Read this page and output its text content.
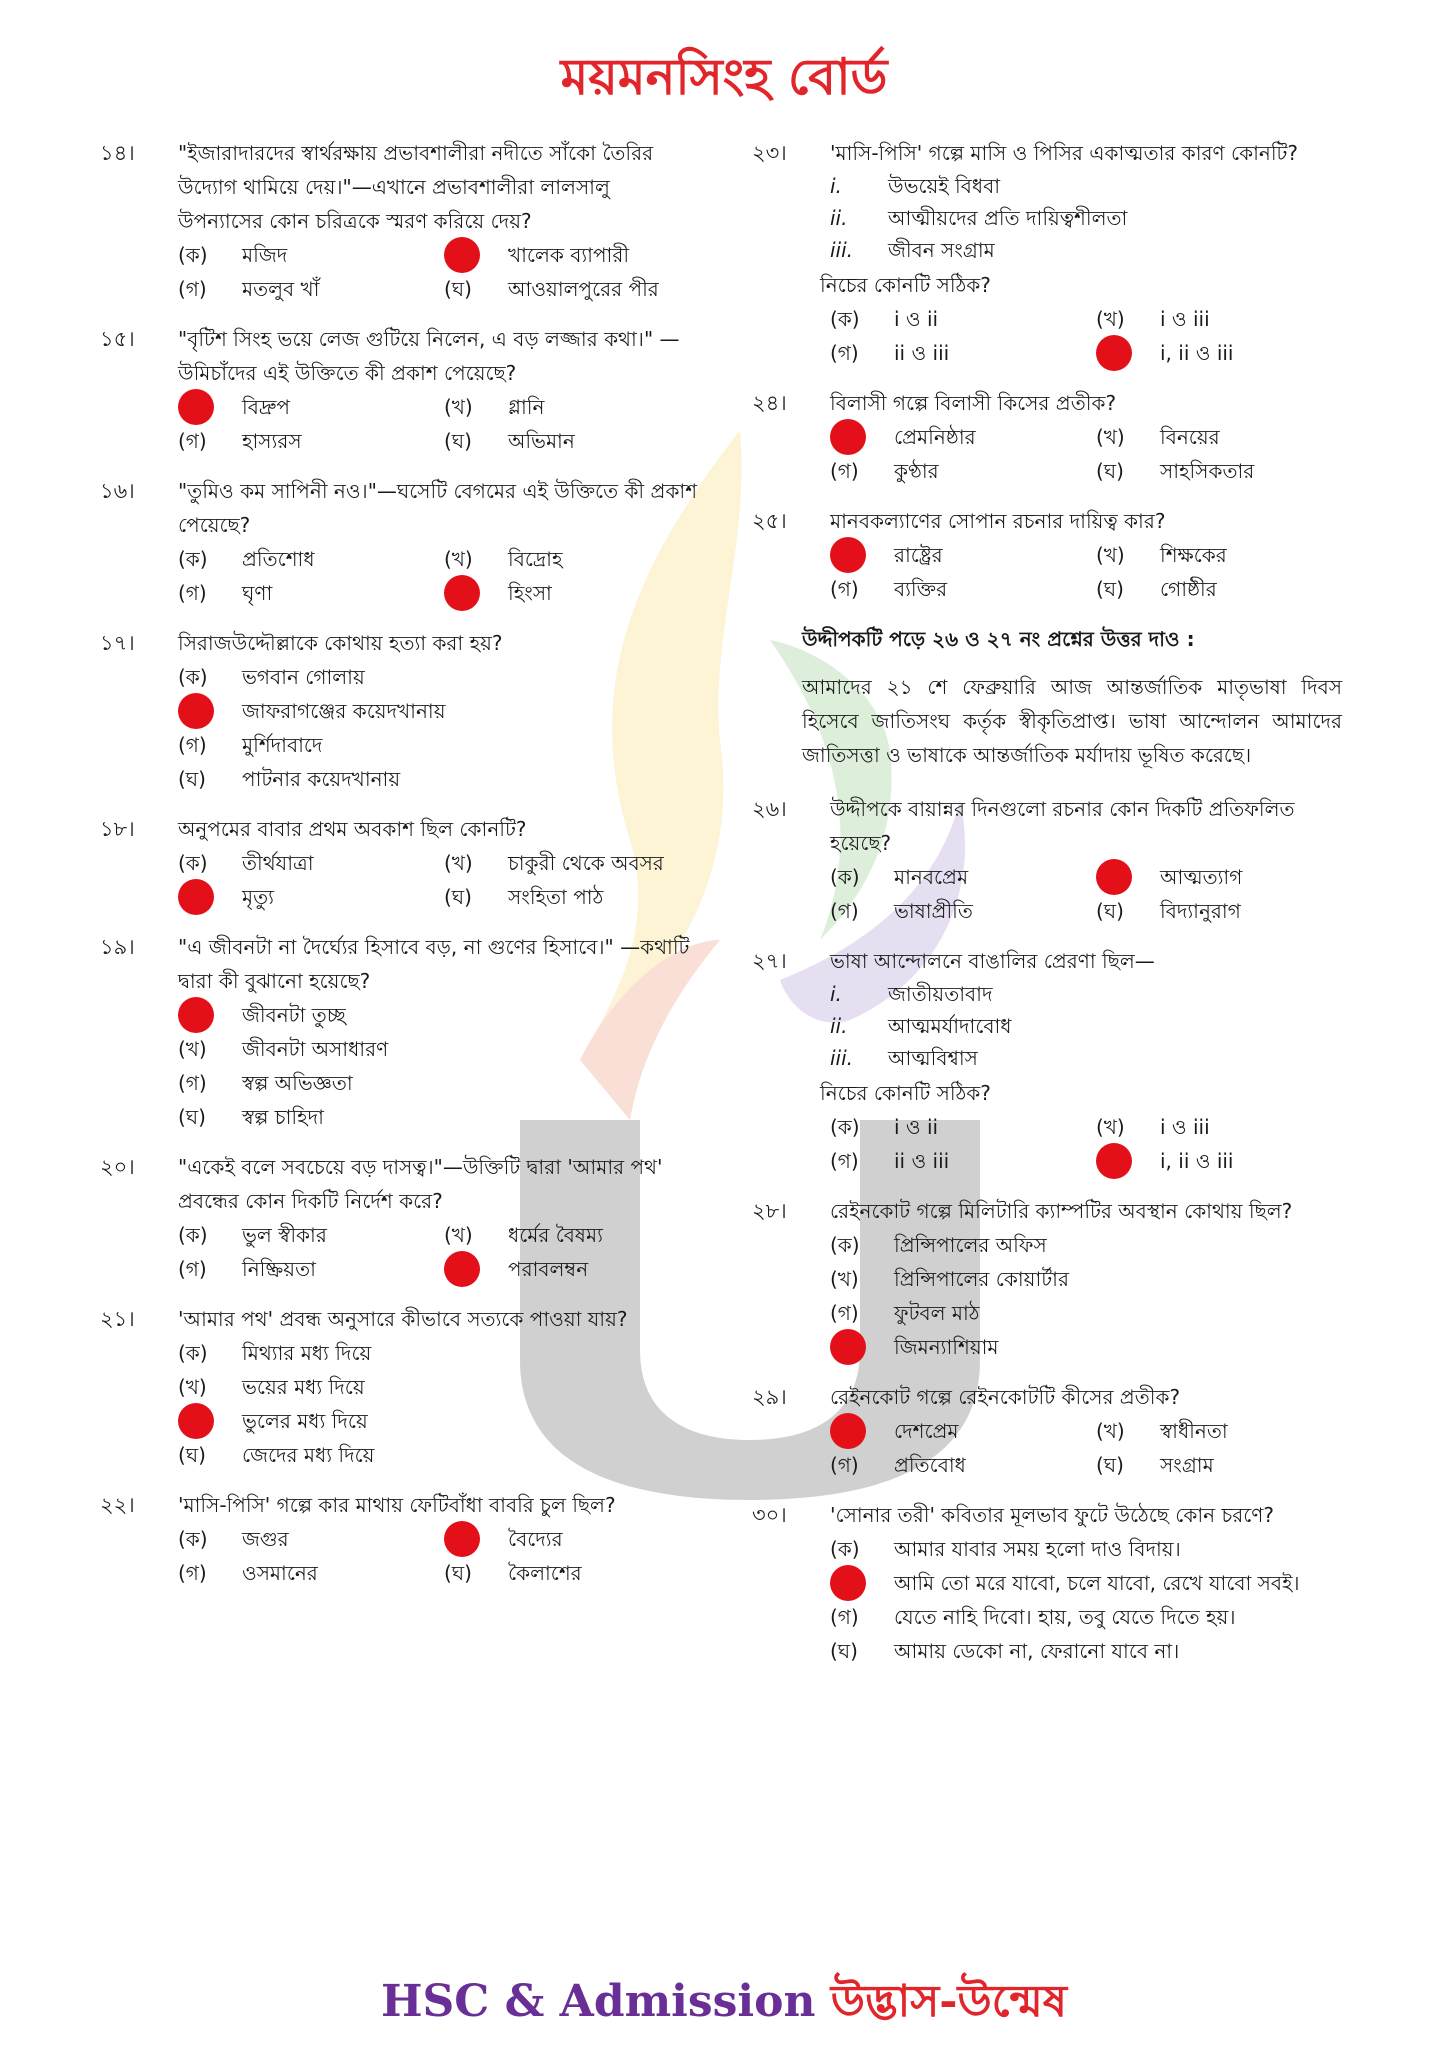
ময়মনসিংহ বোর্ড
১৪।	"ইজারাদারদের স্বার্থরক্ষায় প্রভাবশালীরা নদীতে সাঁকো তৈরির উদ্যোগ থামিয়ে দেয়।"—এখানে প্রভাবশালীরা লালসালু উপন্যাসের কোন চরিত্রকে স্মরণ করিয়ে দেয়?
(ক)	মজিদ	খালেক ব্যাপারী
(গ)	মতলুব খাঁ	(ঘ)	আওয়ালপুরের পীর
১৫।	"বৃটিশ সিংহ ভয়ে লেজ গুটিয়ে নিলেন, এ বড় লজ্জার কথা।" —উমিচাঁদের এই উক্তিতে কী প্রকাশ পেয়েছে?
বিদ্রুপ	(খ)	গ্লানি
(গ)	হাস্যরস	(ঘ)	অভিমান
১৬।	"তুমিও কম সাপিনী নও।"—ঘসেটি বেগমের এই উক্তিতে কী প্রকাশ পেয়েছে?
(ক)	প্রতিশোধ	(খ)	বিদ্রোহ
(গ)	ঘৃণা	হিংসা
১৭।	সিরাজউদ্দৌল্লাকে কোথায় হত্যা করা হয়?
(ক)	ভগবান গোলায়
জাফরাগঞ্জের কয়েদখানায়
(গ)	মুর্শিদাবাদে
(ঘ)	পাটনার কয়েদখানায়
১৮।	অনুপমের বাবার প্রথম অবকাশ ছিল কোনটি?
(ক)	তীর্থযাত্রা	(খ)	চাকুরী থেকে অবসর
মৃত্যু	(ঘ)	সংহিতা পাঠ
১৯।	"এ জীবনটা না দৈর্ঘ্যের হিসাবে বড়, না গুণের হিসাবে।" —কথাটি দ্বারা কী বুঝানো হয়েছে?
জীবনটা তুচ্ছ
(খ)	জীবনটা অসাধারণ
(গ)	স্বল্প অভিজ্ঞতা
(ঘ)	স্বল্প চাহিদা
২০।	"একেই বলে সবচেয়ে বড় দাসত্ব।"—উক্তিটি দ্বারা 'আমার পথ' প্রবন্ধের কোন দিকটি নির্দেশ করে?
(ক)	ভুল স্বীকার	(খ)	ধর্মের বৈষম্য
(গ)	নিষ্ক্রিয়তা	পরাবলম্বন
২১।	'আমার পথ' প্রবন্ধ অনুসারে কীভাবে সত্যকে পাওয়া যায়?
(ক)	মিথ্যার মধ্য দিয়ে
(খ)	ভয়ের মধ্য দিয়ে
ভুলের মধ্য দিয়ে
(ঘ)	জেদের মধ্য দিয়ে
২২।	'মাসি-পিসি' গল্পে কার মাথায় ফেটিবাঁধা বাবরি চুল ছিল?
(ক)	জগুর	বৈদ্যের
(গ)	ওসমানের	(ঘ)	কৈলাশের
২৩।	'মাসি-পিসি' গল্পে মাসি ও পিসির একাত্মতার কারণ কোনটি?
i.	উভয়েই বিধবা
ii.	আত্মীয়দের প্রতি দায়িত্বশীলতা
iii.	জীবন সংগ্রাম
নিচের কোনটি সঠিক?
(ক)	i ও ii	(খ)	i ও iii
(গ)	ii ও iii	i, ii ও iii
২৪।	বিলাসী গল্পে বিলাসী কিসের প্রতীক?
প্রেমনিষ্ঠার	(খ)	বিনয়ের
(গ)	কুণ্ঠার	(ঘ)	সাহসিকতার
২৫।	মানবকল্যাণের সোপান রচনার দায়িত্ব কার?
রাষ্ট্রের	(খ)	শিক্ষকের
(গ)	ব্যক্তির	(ঘ)	গোষ্ঠীর
উদ্দীপকটি পড়ে ২৬ ও ২৭ নং প্রশ্নের উত্তর দাও :
আমাদের ২১ শে ফেব্রুয়ারি আজ আন্তর্জাতিক মাতৃভাষা দিবস হিসেবে জাতিসংঘ কর্তৃক স্বীকৃতিপ্রাপ্ত। ভাষা আন্দোলন আমাদের জাতিসত্তা ও ভাষাকে আন্তর্জাতিক মর্যাদায় ভূষিত করেছে।
২৬।	উদ্দীপকে বায়ান্নর দিনগুলো রচনার কোন দিকটি প্রতিফলিত হয়েছে?
(ক)	মানবপ্রেম	আত্মত্যাগ
(গ)	ভাষাপ্রীতি	(ঘ)	বিদ্যানুরাগ
২৭।	ভাষা আন্দোলনে বাঙালির প্রেরণা ছিল—
i.	জাতীয়তাবাদ
ii.	আত্মমর্যাদাবোধ
iii.	আত্মবিশ্বাস
নিচের কোনটি সঠিক?
(ক)	i ও ii	(খ)	i ও iii
(গ)	ii ও iii	i, ii ও iii
২৮।	রেইনকোট গল্পে মিলিটারি ক্যাম্পটির অবস্থান কোথায় ছিল?
(ক)	প্রিন্সিপালের অফিস
(খ)	প্রিন্সিপালের কোয়ার্টার
(গ)	ফুটবল মাঠ
জিমন্যাশিয়াম
২৯।	রেইনকোট গল্পে রেইনকোটটি কীসের প্রতীক?
দেশপ্রেম	(খ)	স্বাধীনতা
(গ)	প্রতিবোধ	(ঘ)	সংগ্রাম
৩০।	'সোনার তরী' কবিতার মূলভাব ফুটে উঠেছে কোন চরণে?
(ক)	আমার যাবার সময় হলো দাও বিদায়।
আমি তো মরে যাবো, চলে যাবো, রেখে যাবো সবই।
(গ)	যেতে নাহি দিবো। হায়, তবু যেতে দিতে হয়।
(ঘ)	আমায় ডেকো না, ফেরানো যাবে না।
HSC & Admission উদ্ভাস-উন্মেষ
